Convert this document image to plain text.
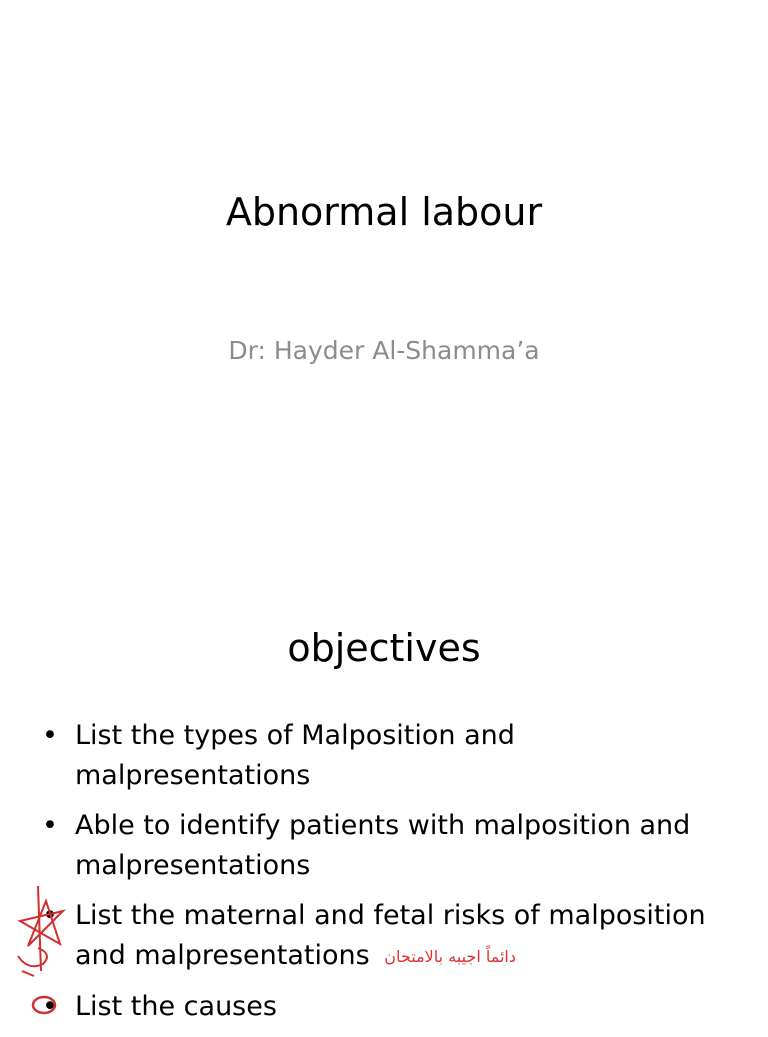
Abnormal labour

Dr: Hayder Al-Shamma’a

objectives
• List the types of Malposition and
malpresentations
• Able to identify patients with malposition and
malpresentations
• List the maternal and fetal risks of malposition
and malpresentations دائماً اجيبه بالامتحان
• List the causes
